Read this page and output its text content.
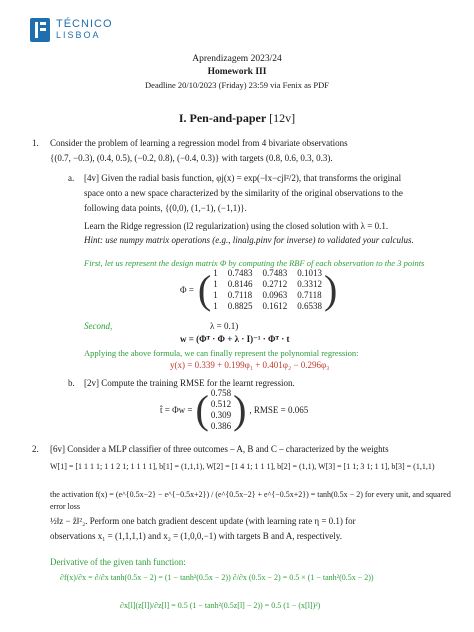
TÉCNICO
LISBOA
Aprendizagem 2023/24
Homework III
Deadline 20/10/2023 (Friday) 23:59 via Fenix as PDF
I. Pen-and-paper [12v]
1. Consider the problem of learning a regression model from 4 bivariate observations
{(0.7, −0.3), (0.4, 0.5), (−0.2, 0.8), (−0.4, 0.3)} with targets (0.8, 0.6, 0.3, 0.3).
a. [4v] Given the radial basis function, φj(x) = exp(−‖x−cj‖²/2), that transforms the original
space onto a new space characterized by the similarity of the original observations to the
following data points, {(0,0), (1,−1), (−1,1)}.
Learn the Ridge regression (l2 regularization) using the closed solution with λ = 0.1.
Hint: use numpy matrix operations (e.g., linalg.pinv for inverse) to validated your calculus.
First, let us represent the design matrix Φ by computing the RBF of each observation to the 3 points
Φ = ( 1 0.7483 0.7483 0.1013
1 0.8146 0.2712 0.3312
1 0.7118 0.0963 0.7118
1 0.8825 0.1612 0.6538 )
Second,	λ = 0.1)
w = (Φᵀ · Φ + λ · I)⁻¹ · Φᵀ · t
Applying the above formula, we can finally represent the polynomial regression:
y(x) = 0.339 + 0.199φ₁ + 0.401φ₂ − 0.296φ₃
b. [2v] Compute the training RMSE for the learnt regression.
t̂ = Φw = ( 0.758
0.512
0.309
0.386 ) , RMSE = 0.065
2. [6v] Consider a MLP classifier of three outcomes – A, B and C – characterized by the weights
W[1] = [1 1 1 1; 1 1 2 1; 1 1 1 1], b[1] = (1,1,1), W[2] = [1 4 1; 1 1 1], b[2] = (1,1), W[3] = [1 1; 3 1; 1 1], b[3] = (1,1,1)
the activation f(x) = (e^{0.5x−2} − e^{−0.5x+2}) / (e^{0.5x−2} + e^{−0.5x+2}) = tanh(0.5x − 2) for every unit, and squared error loss
½‖z − ẑ‖²₂. Perform one batch gradient descent update (with learning rate η = 0.1) for
observations x₁ = (1,1,1,1) and x₂ = (1,0,0,−1) with targets B and A, respectively.
Derivative of the given tanh function:
∂f(x)/∂x = ∂/∂x tanh(0.5x − 2) = (1 − tanh²(0.5x − 2)) ∂/∂x (0.5x − 2) = 0.5 × (1 − tanh²(0.5x − 2))
∂x[l](z[l])/∂z[l] = 0.5 (1 − tanh²(0.5z[l] − 2)) = 0.5 (1 − (x[l])²)
